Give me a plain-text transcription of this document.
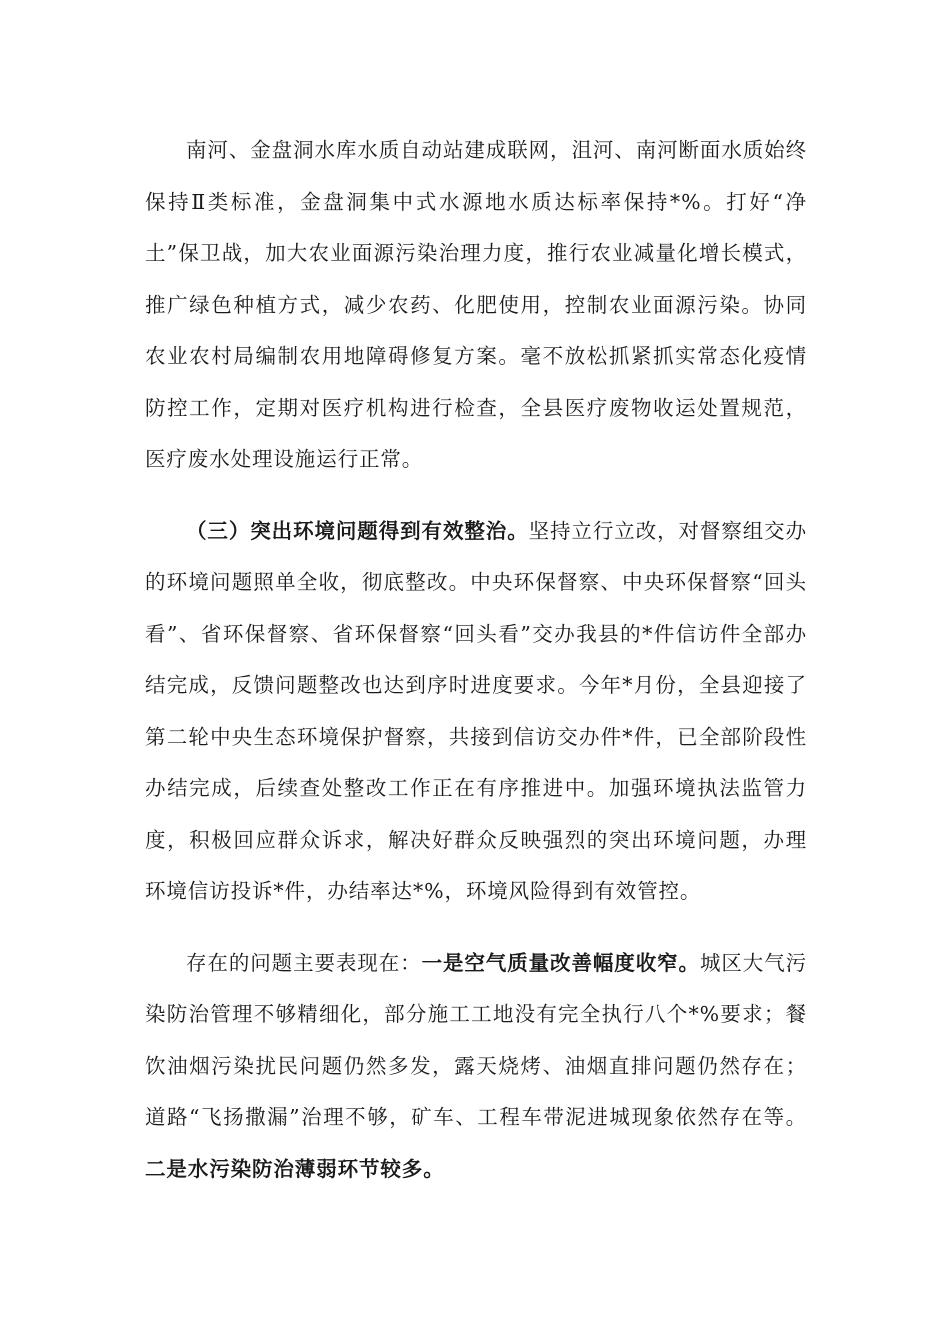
南河、金盘洞水库水质自动站建成联网，沮河、南河断面水质始终保持Ⅱ类标准，金盘洞集中式水源地水质达标率保持*%。打好“净土”保卫战，加大农业面源污染治理力度，推行农业减量化增长模式，推广绿色种植方式，减少农药、化肥使用，控制农业面源污染。协同农业农村局编制农用地障碍修复方案。毫不放松抓紧抓实常态化疫情防控工作，定期对医疗机构进行检查，全县医疗废物收运处置规范，医疗废水处理设施运行正常。

（三）突出环境问题得到有效整治。坚持立行立改，对督察组交办的环境问题照单全收，彻底整改。中央环保督察、中央环保督察“回头看”、省环保督察、省环保督察“回头看”交办我县的*件信访件全部办结完成，反馈问题整改也达到序时进度要求。今年*月份，全县迎接了第二轮中央生态环境保护督察，共接到信访交办件*件，已全部阶段性办结完成，后续查处整改工作正在有序推进中。加强环境执法监管力度，积极回应群众诉求，解决好群众反映强烈的突出环境问题，办理环境信访投诉*件，办结率达*%，环境风险得到有效管控。

存在的问题主要表现在：一是空气质量改善幅度收窄。城区大气污染防治管理不够精细化，部分施工工地没有完全执行八个*%要求；餐饮油烟污染扰民问题仍然多发，露天烧烤、油烟直排问题仍然存在；道路“飞扬撒漏”治理不够，矿车、工程车带泥进城现象依然存在等。二是水污染防治薄弱环节较多。
